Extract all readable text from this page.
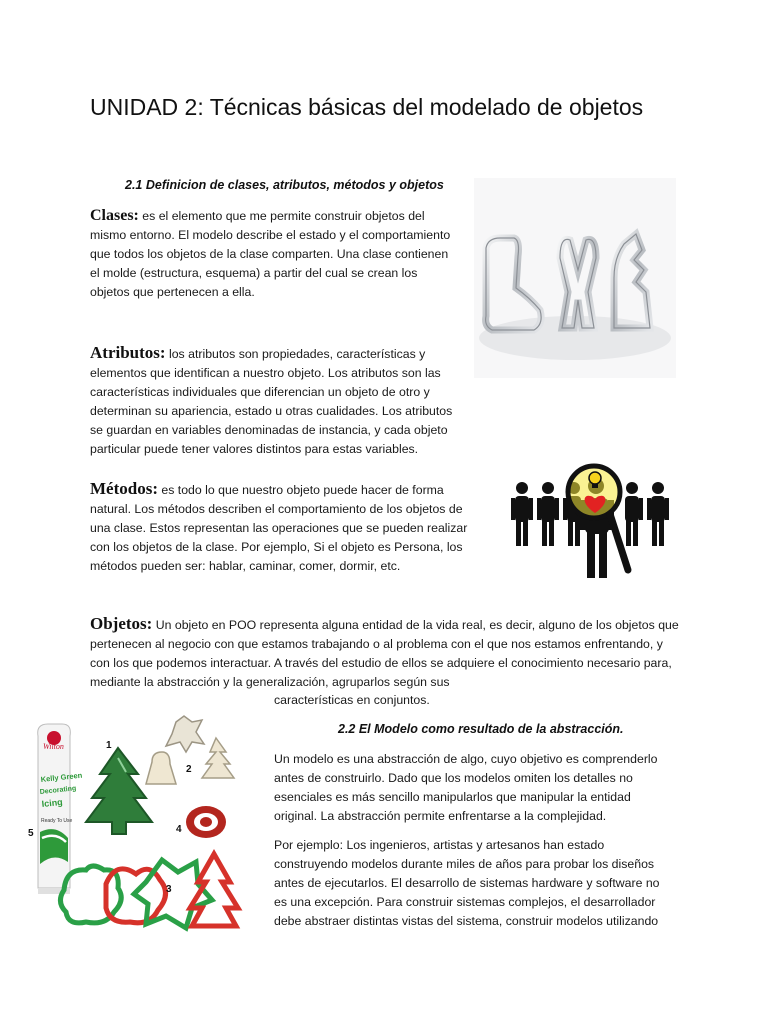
UNIDAD 2: Técnicas básicas del modelado de objetos
2.1 Definicion de clases, atributos, métodos y objetos
Clases: es el elemento que me permite construir objetos del mismo entorno. El modelo describe el estado y el comportamiento que todos los objetos de la clase comparten. Una clase contienen el molde (estructura, esquema) a partir del cual se crean los objetos que pertenecen a ella.
Atributos: los atributos son propiedades, características y elementos que identifican a nuestro objeto. Los atributos son las características individuales que diferencian un objeto de otro y determinan su apariencia, estado u otras cualidades. Los atributos se guardan en variables denominadas de instancia, y cada objeto particular puede tener valores distintos para estas variables.
Métodos: es todo lo que nuestro objeto puede hacer de forma natural. Los métodos describen el comportamiento de los objetos de una clase. Estos representan las operaciones que se pueden realizar con los objetos de la clase. Por ejemplo, Si el objeto es Persona, los métodos pueden ser: hablar, caminar, comer, dormir, etc.
Objetos: Un objeto en POO representa alguna entidad de la vida real, es decir, alguno de los objetos que pertenecen al negocio con que estamos trabajando o al problema con el que nos estamos enfrentando, y con los que podemos interactuar. A través del estudio de ellos se adquiere el conocimiento necesario para, mediante la abstracción y la generalización, agruparlos según sus
características en conjuntos.
2.2 El Modelo como resultado de la abstracción.
Un modelo es una abstracción de algo, cuyo objetivo es comprenderlo antes de construirlo. Dado que los modelos omiten los detalles no esenciales es más sencillo manipularlos que manipular la entidad original. La abstracción permite enfrentarse a la complejidad.
Por ejemplo: Los ingenieros, artistas y artesanos han estado construyendo modelos durante miles de años para probar los diseños antes de ejecutarlos. El desarrollo de sistemas hardware y software no es una excepción. Para construir sistemas complejos, el desarrollador debe abstraer distintas vistas del sistema, construir modelos utilizando
Wilton
Kelly Green
Decorating
Icing
Ready To Use
1
2
3
4
5
